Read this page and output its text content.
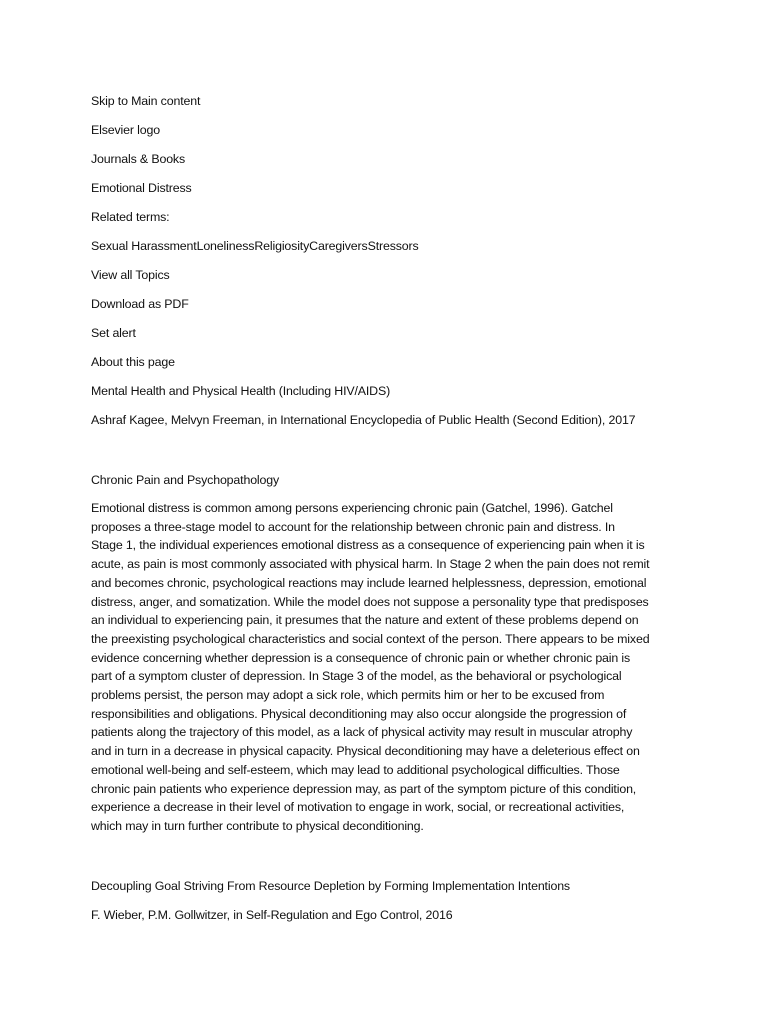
Skip to Main content
Elsevier logo
Journals & Books
Emotional Distress
Related terms:
Sexual HarassmentLonelinessReligiosityCaregiversStressors
View all Topics
Download as PDF
Set alert
About this page
Mental Health and Physical Health (Including HIV/AIDS)
Ashraf Kagee, Melvyn Freeman, in International Encyclopedia of Public Health (Second Edition), 2017
Chronic Pain and Psychopathology
Emotional distress is common among persons experiencing chronic pain (Gatchel, 1996). Gatchel
proposes a three-stage model to account for the relationship between chronic pain and distress. In
Stage 1, the individual experiences emotional distress as a consequence of experiencing pain when it is
acute, as pain is most commonly associated with physical harm. In Stage 2 when the pain does not remit
and becomes chronic, psychological reactions may include learned helplessness, depression, emotional
distress, anger, and somatization. While the model does not suppose a personality type that predisposes
an individual to experiencing pain, it presumes that the nature and extent of these problems depend on
the preexisting psychological characteristics and social context of the person. There appears to be mixed
evidence concerning whether depression is a consequence of chronic pain or whether chronic pain is
part of a symptom cluster of depression. In Stage 3 of the model, as the behavioral or psychological
problems persist, the person may adopt a sick role, which permits him or her to be excused from
responsibilities and obligations. Physical deconditioning may also occur alongside the progression of
patients along the trajectory of this model, as a lack of physical activity may result in muscular atrophy
and in turn in a decrease in physical capacity. Physical deconditioning may have a deleterious effect on
emotional well-being and self-esteem, which may lead to additional psychological difficulties. Those
chronic pain patients who experience depression may, as part of the symptom picture of this condition,
experience a decrease in their level of motivation to engage in work, social, or recreational activities,
which may in turn further contribute to physical deconditioning.
Decoupling Goal Striving From Resource Depletion by Forming Implementation Intentions
F. Wieber, P.M. Gollwitzer, in Self-Regulation and Ego Control, 2016
